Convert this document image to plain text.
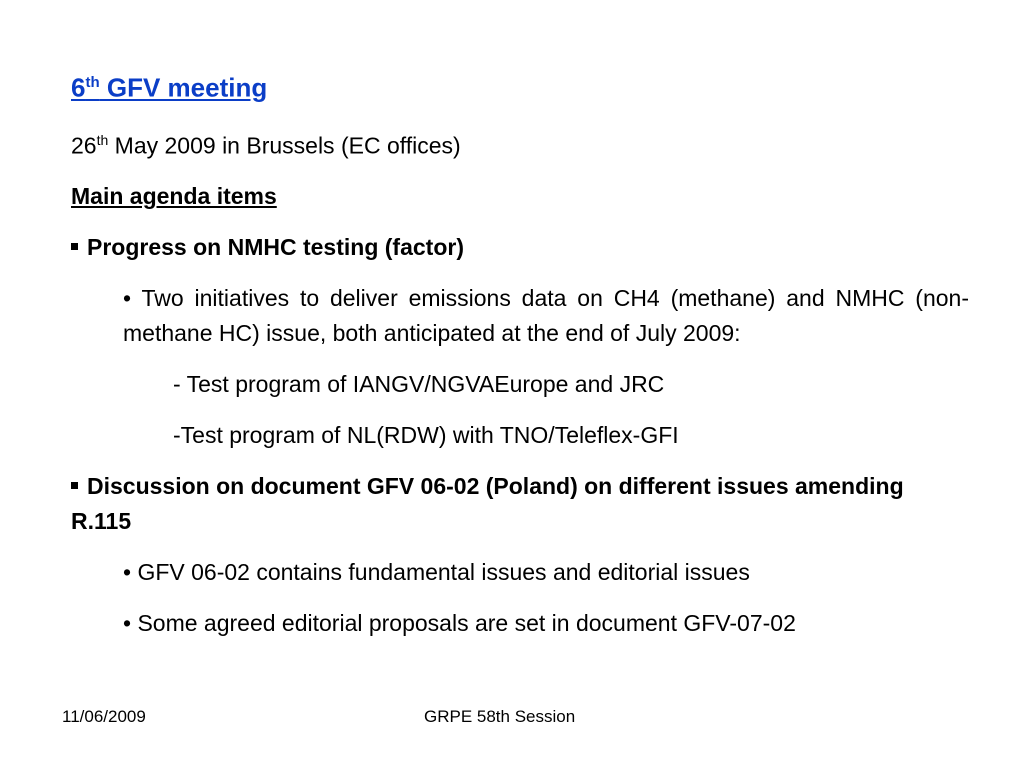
6th GFV meeting
26th May 2009 in Brussels (EC offices)
Main agenda items
Progress on NMHC testing (factor)
• Two initiatives to deliver emissions data on CH4 (methane) and NMHC (non-methane HC) issue, both anticipated at the end of July 2009:
- Test program of IANGV/NGVAEurope and JRC
-Test program of NL(RDW) with TNO/Teleflex-GFI
Discussion on document GFV 06-02 (Poland) on different issues amending R.115
• GFV 06-02 contains fundamental issues and editorial issues
• Some agreed editorial proposals are set in document GFV-07-02
11/06/2009	GRPE 58th Session
